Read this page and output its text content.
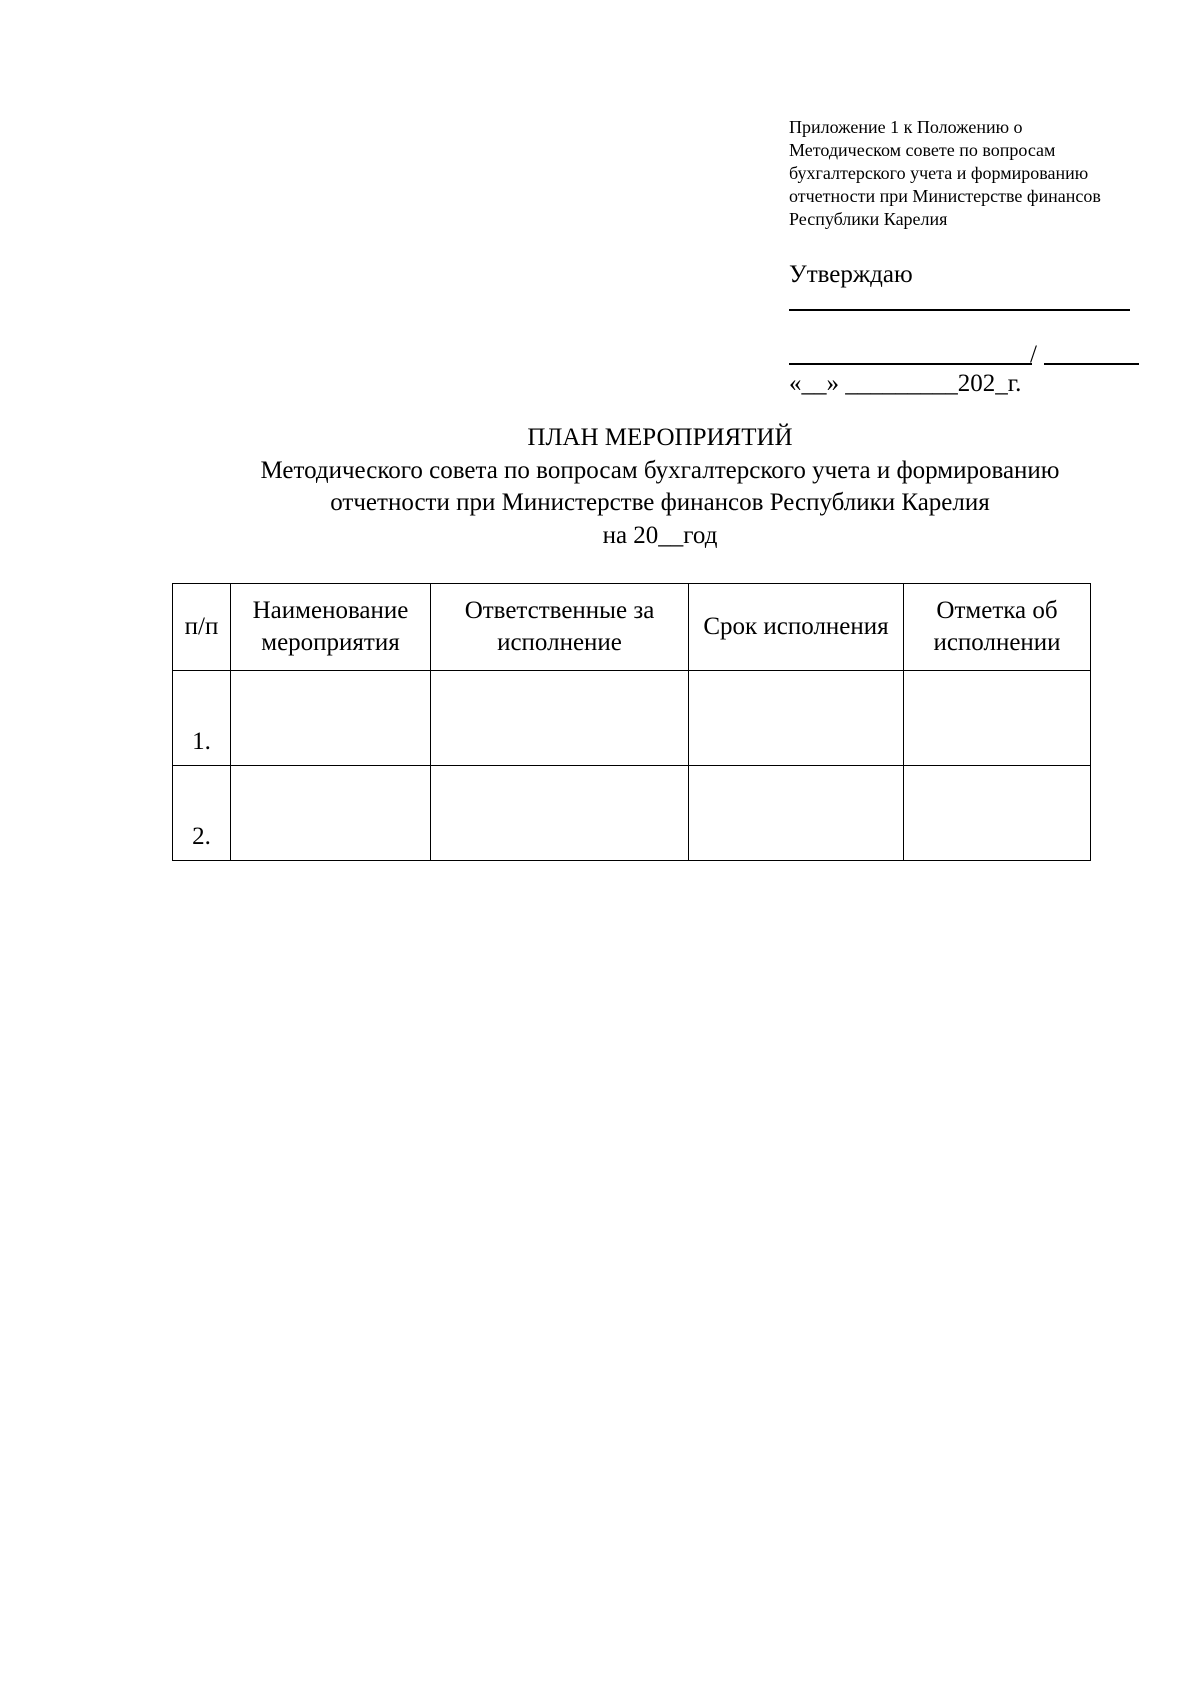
Приложение 1 к Положению о
Методическом совете по вопросам
бухгалтерского учета и формированию
отчетности при Министерстве финансов
Республики Карелия
Утверждаю
/
«__» _________202_г.
ПЛАН МЕРОПРИЯТИЙ
Методического совета по вопросам бухгалтерского учета и формированию
отчетности при Министерстве финансов Республики Карелия
на 20__год
п/п	Наименование мероприятия	Ответственные за исполнение	Срок исполнения	Отметка об исполнении
1.				
2.				
